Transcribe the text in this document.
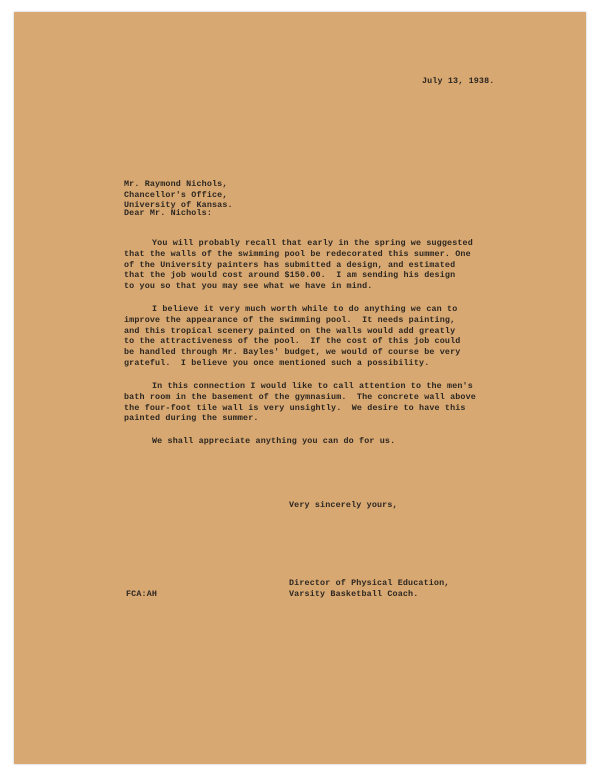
July 13, 1938.
Mr. Raymond Nichols,
Chancellor's Office,
University of Kansas.
Dear Mr. Nichols:
You will probably recall that early in the spring we suggested
that the walls of the swimming pool be redecorated this summer. One
of the University painters has submitted a design, and estimated
that the job would cost around $150.00.  I am sending his design
to you so that you may see what we have in mind.
I believe it very much worth while to do anything we can to
improve the appearance of the swimming pool.  It needs painting,
and this tropical scenery painted on the walls would add greatly
to the attractiveness of the pool.  If the cost of this job could
be handled through Mr. Bayles' budget, we would of course be very
grateful.  I believe you once mentioned such a possibility.
In this connection I would like to call attention to the men's
bath room in the basement of the gymnasium.  The concrete wall above
the four-foot tile wall is very unsightly.  We desire to have this
painted during the summer.
We shall appreciate anything you can do for us.
Very sincerely yours,
Director of Physical Education,
Varsity Basketball Coach.
FCA:AH
